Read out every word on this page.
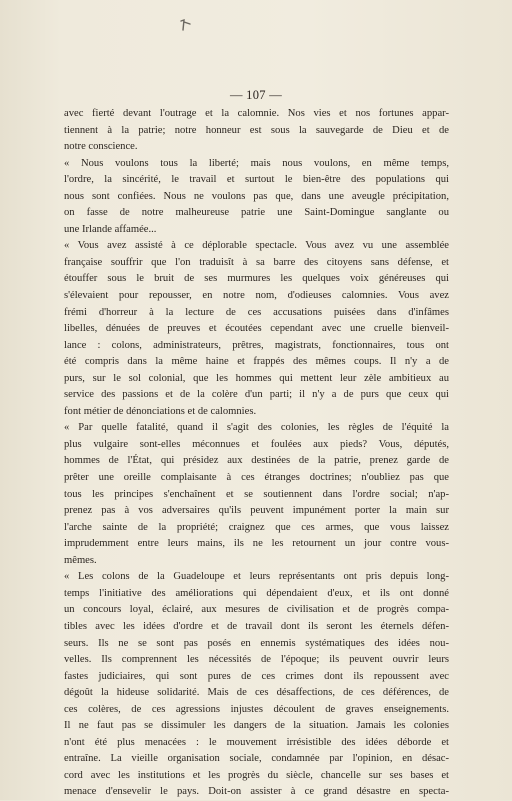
— 107 —
avec fierté devant l'outrage et la calomnie. Nos vies et nos fortunes appar-
tiennent à la patrie; notre honneur est sous la sauvegarde de Dieu et de
notre conscience.
« Nous voulons tous la liberté; mais nous voulons, en même temps,
l'ordre, la sincérité, le travail et surtout le bien-être des populations qui
nous sont confiées. Nous ne voulons pas que, dans une aveugle précipitation,
on fasse de notre malheureuse patrie une Saint-Domingue sanglante ou
une Irlande affamée...
« Vous avez assisté à ce déplorable spectacle. Vous avez vu une assemblée
française souffrir que l'on traduisît à sa barre des citoyens sans défense, et
étouffer sous le bruit de ses murmures les quelques voix généreuses qui
s'élevaient pour repousser, en notre nom, d'odieuses calomnies. Vous avez
frémi d'horreur à la lecture de ces accusations puisées dans d'infâmes
libelles, dénuées de preuves et écoutées cependant avec une cruelle bienveil-
lance : colons, administrateurs, prêtres, magistrats, fonctionnaires, tous ont
été compris dans la même haine et frappés des mêmes coups. Il n'y a de
purs, sur le sol colonial, que les hommes qui mettent leur zèle ambitieux au
service des passions et de la colère d'un parti; il n'y a de purs que ceux qui
font métier de dénonciations et de calomnies.
« Par quelle fatalité, quand il s'agit des colonies, les règles de l'équité la
plus vulgaire sont-elles méconnues et foulées aux pieds? Vous, députés,
hommes de l'État, qui présidez aux destinées de la patrie, prenez garde de
prêter une oreille complaisante à ces étranges doctrines; n'oubliez pas que
tous les principes s'enchaînent et se soutiennent dans l'ordre social; n'ap-
prenez pas à vos adversaires qu'ils peuvent impunément porter la main sur
l'arche sainte de la propriété; craignez que ces armes, que vous laissez
imprudemment entre leurs mains, ils ne les retournent un jour contre vous-
mêmes.
« Les colons de la Guadeloupe et leurs représentants ont pris depuis long-
temps l'initiative des améliorations qui dépendaient d'eux, et ils ont donné
un concours loyal, éclairé, aux mesures de civilisation et de progrès compa-
tibles avec les idées d'ordre et de travail dont ils seront les éternels défen-
seurs. Ils ne se sont pas posés en ennemis systématiques des idées nou-
velles. Ils comprennent les nécessités de l'époque; ils peuvent ouvrir leurs
fastes judiciaires, qui sont pures de ces crimes dont ils repoussent avec
dégoût la hideuse solidarité. Mais de ces désaffections, de ces déférences, de
ces colères, de ces agressions injustes découlent de graves enseignements.
Il ne faut pas se dissimuler les dangers de la situation. Jamais les colonies
n'ont été plus menacées : le mouvement irrésistible des idées déborde et
entraîne. La vieille organisation sociale, condamnée par l'opinion, en désac-
cord avec les institutions et les progrès du siècle, chancelle sur ses bases et
menace d'ensevelir le pays. Doit-on assister à ce grand désastre en specta-
